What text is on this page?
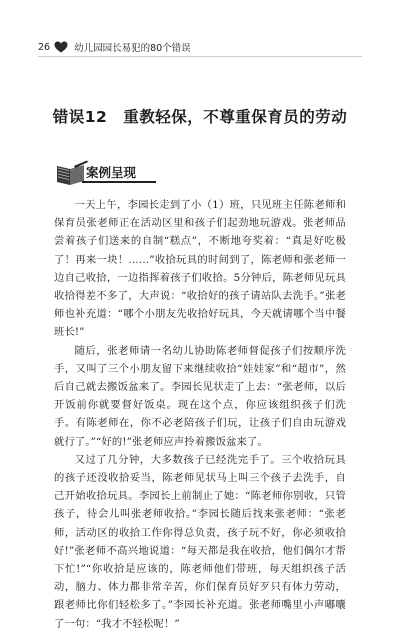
26	幼儿园园长易犯的80个错误
错误12　重教轻保，不尊重保育员的劳动
案例呈现

一天上午，李园长走到了小（1）班，只见班主任陈老师和保育员张老师正在活动区里和孩子们起劲地玩游戏。张老师品尝着孩子们送来的自制“糕点”，不断地夸奖着：“真是好吃极了！再来一块！……”收拾玩具的时间到了，陈老师和张老师一边自己收拾，一边指挥着孩子们收拾。5分钟后，陈老师见玩具收拾得差不多了，大声说：“收拾好的孩子请站队去洗手。”张老师也补充道：“哪个小朋友先收拾好玩具，今天就请哪个当中餐班长!”

随后，张老师请一名幼儿协助陈老师督促孩子们按顺序洗手，又叫了三个小朋友留下来继续收拾“娃娃家”和“超市”，然后自己就去搬饭盆来了。李园长见状走了上去：“张老师，以后开饭前你就要督好饭桌。现在这个点，你应该组织孩子们洗手。有陈老师在，你不必老陪孩子们玩，让孩子们自由玩游戏就行了。”“好的!”张老师应声拎着搬饭盆来了。

又过了几分钟，大多数孩子已经洗完手了。三个收拾玩具的孩子还没收拾妥当，陈老师见状马上叫三个孩子去洗手，自己开始收拾玩具。李园长上前制止了她：“陈老师你别收，只管孩子，待会儿叫张老师收拾。”李园长随后找来张老师：“张老师，活动区的收拾工作你得总负责，孩子玩不好，你必须收拾好!”张老师不高兴地说道：“每天都是我在收拾，他们偶尔才帮下忙!”“你收拾是应该的，陈老师他们带班，每天组织孩子活动，脑力、体力都非常辛苦，你们保育员好歹只有体力劳动，跟老师比你们轻松多了。”李园长补充道。张老师嘴里小声嘟囔了一句：“我才不轻松呢！”
